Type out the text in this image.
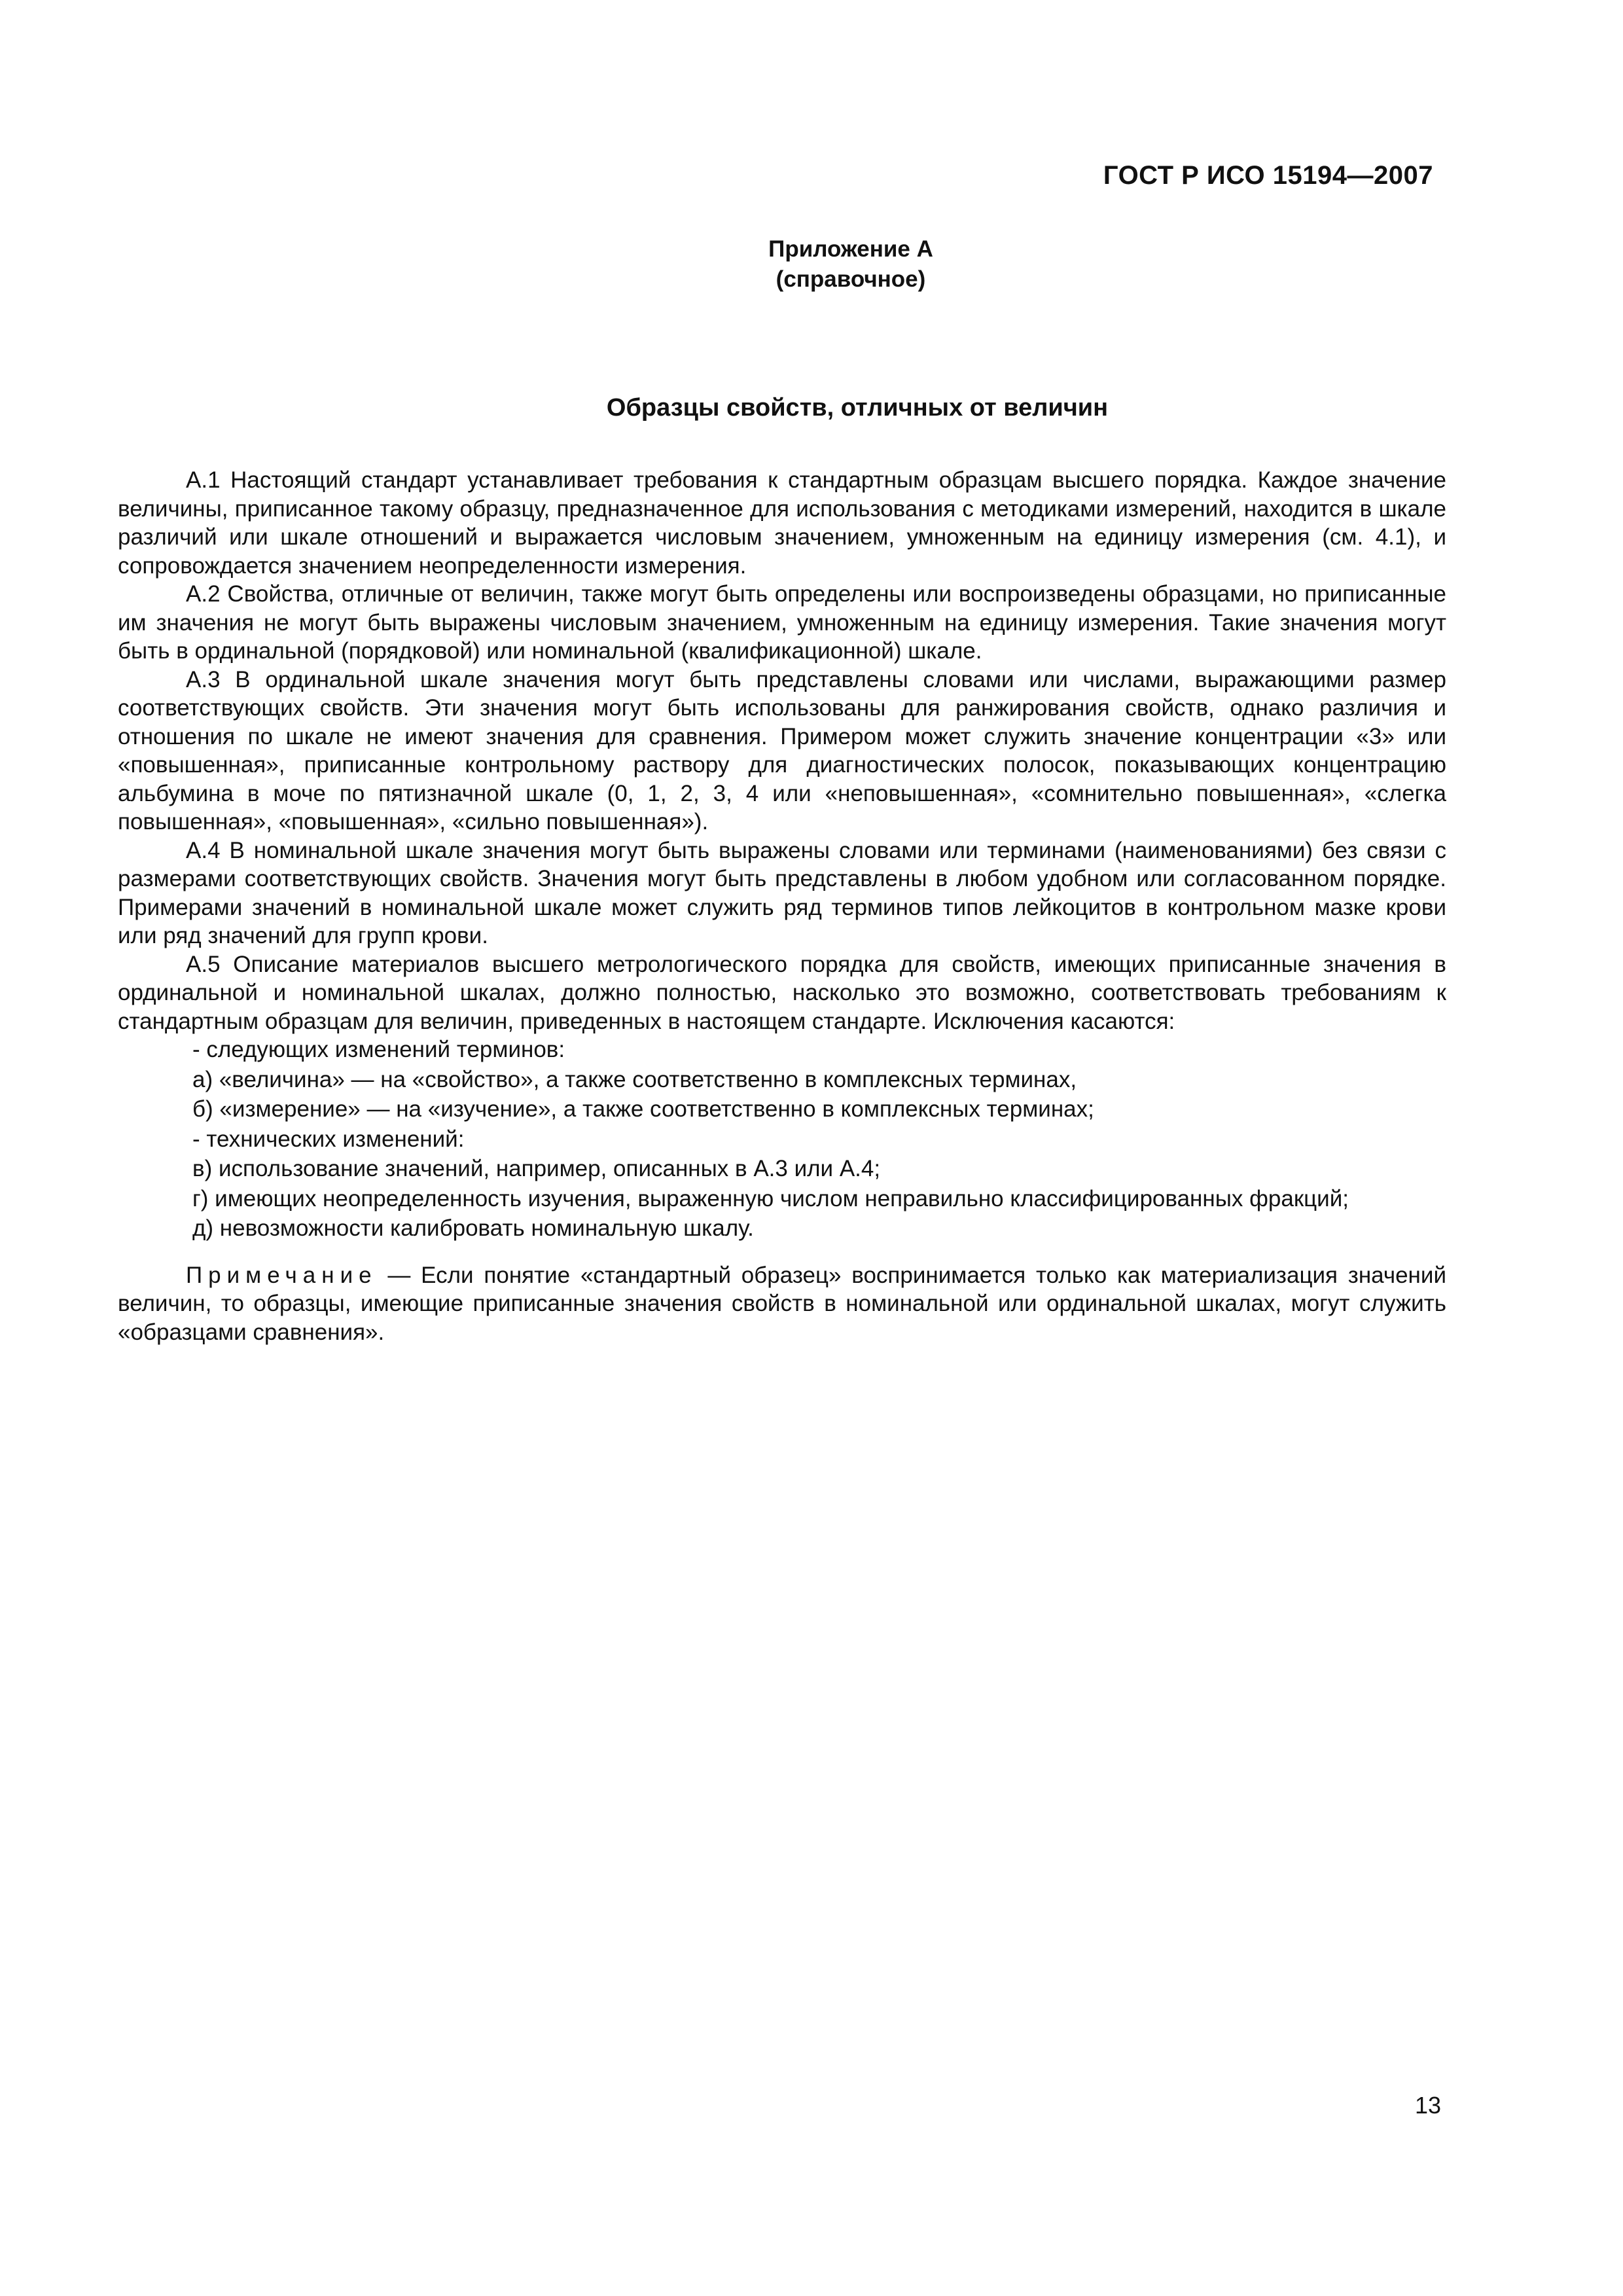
ГОСТ Р ИСО 15194—2007
Приложение А
(справочное)
Образцы свойств, отличных от величин

А.1 Настоящий стандарт устанавливает требования к стандартным образцам высшего порядка. Каждое значение величины, приписанное такому образцу, предназначенное для использования с методиками измерений, находится в шкале различий или шкале отношений и выражается числовым значением, умноженным на единицу измерения (см. 4.1), и сопровождается значением неопределенности измерения.

А.2 Свойства, отличные от величин, также могут быть определены или воспроизведены образцами, но приписанные им значения не могут быть выражены числовым значением, умноженным на единицу измерения. Такие значения могут быть в ординальной (порядковой) или номинальной (квалификационной) шкале.

А.3 В ординальной шкале значения могут быть представлены словами или числами, выражающими размер соответствующих свойств. Эти значения могут быть использованы для ранжирования свойств, однако различия и отношения по шкале не имеют значения для сравнения. Примером может служить значение концентрации «3» или «повышенная», приписанные контрольному раствору для диагностических полосок, показывающих концентрацию альбумина в моче по пятизначной шкале (0, 1, 2, 3, 4 или «неповышенная», «сомнительно повышенная», «слегка повышенная», «повышенная», «сильно повышенная»).

А.4 В номинальной шкале значения могут быть выражены словами или терминами (наименованиями) без связи с размерами соответствующих свойств. Значения могут быть представлены в любом удобном или согласованном порядке. Примерами значений в номинальной шкале может служить ряд терминов типов лейкоцитов в контрольном мазке крови или ряд значений для групп крови.

А.5 Описание материалов высшего метрологического порядка для свойств, имеющих приписанные значения в ординальной и номинальной шкалах, должно полностью, насколько это возможно, соответствовать требованиям к стандартным образцам для величин, приведенных в настоящем стандарте. Исключения касаются:

- следующих изменений терминов:
а) «величина» — на «свойство», а также соответственно в комплексных терминах,
б) «измерение» — на «изучение», а также соответственно в комплексных терминах;
- технических изменений:
в) использование значений, например, описанных в А.3 или А.4;
г) имеющих неопределенность изучения, выраженную числом неправильно классифицированных фракций;
д) невозможности калибровать номинальную шкалу.

Примечание — Если понятие «стандартный образец» воспринимается только как материализация значений величин, то образцы, имеющие приписанные значения свойств в номинальной или ординальной шкалах, могут служить «образцами сравнения».

13
